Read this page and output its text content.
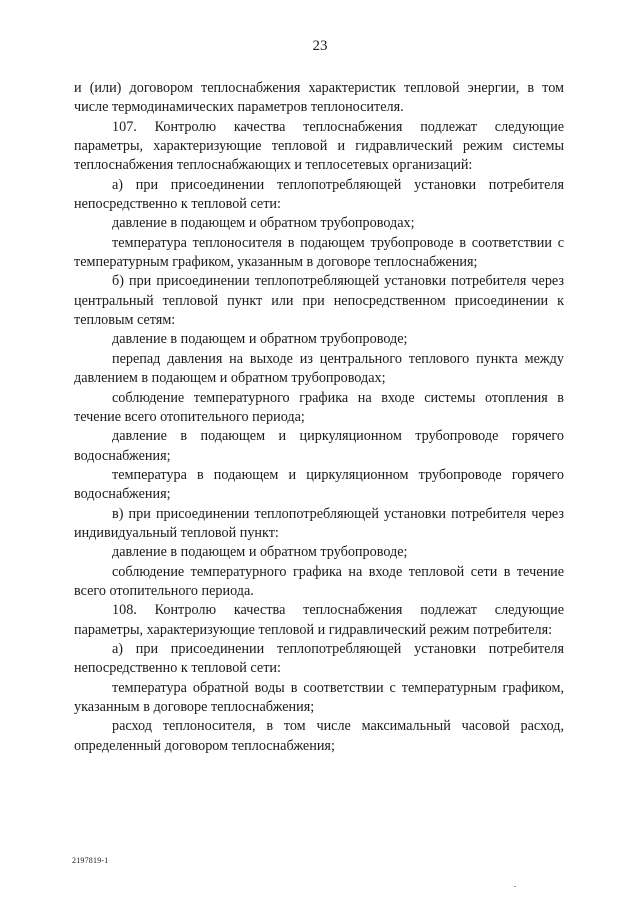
23

и (или) договором теплоснабжения характеристик тепловой энергии, в том числе термодинамических параметров теплоносителя.

107. Контролю качества теплоснабжения подлежат следующие параметры, характеризующие тепловой и гидравлический режим системы теплоснабжения теплоснабжающих и теплосетевых организаций:

а) при присоединении теплопотребляющей установки потребителя непосредственно к тепловой сети:

давление в подающем и обратном трубопроводах;

температура теплоносителя в подающем трубопроводе в соответствии с температурным графиком, указанным в договоре теплоснабжения;

б) при присоединении теплопотребляющей установки потребителя через центральный тепловой пункт или при непосредственном присоединении к тепловым сетям:

давление в подающем и обратном трубопроводе;

перепад давления на выходе из центрального теплового пункта между давлением в подающем и обратном трубопроводах;

соблюдение температурного графика на входе системы отопления в течение всего отопительного периода;

давление в подающем и циркуляционном трубопроводе горячего водоснабжения;

температура в подающем и циркуляционном трубопроводе горячего водоснабжения;

в) при присоединении теплопотребляющей установки потребителя через индивидуальный тепловой пункт:

давление в подающем и обратном трубопроводе;

соблюдение температурного графика на входе тепловой сети в течение всего отопительного периода.

108. Контролю качества теплоснабжения подлежат следующие параметры, характеризующие тепловой и гидравлический режим потребителя:

а) при присоединении теплопотребляющей установки потребителя непосредственно к тепловой сети:

температура обратной воды в соответствии с температурным графиком, указанным в договоре теплоснабжения;

расход теплоносителя, в том числе максимальный часовой расход, определенный договором теплоснабжения;

2197819-1
